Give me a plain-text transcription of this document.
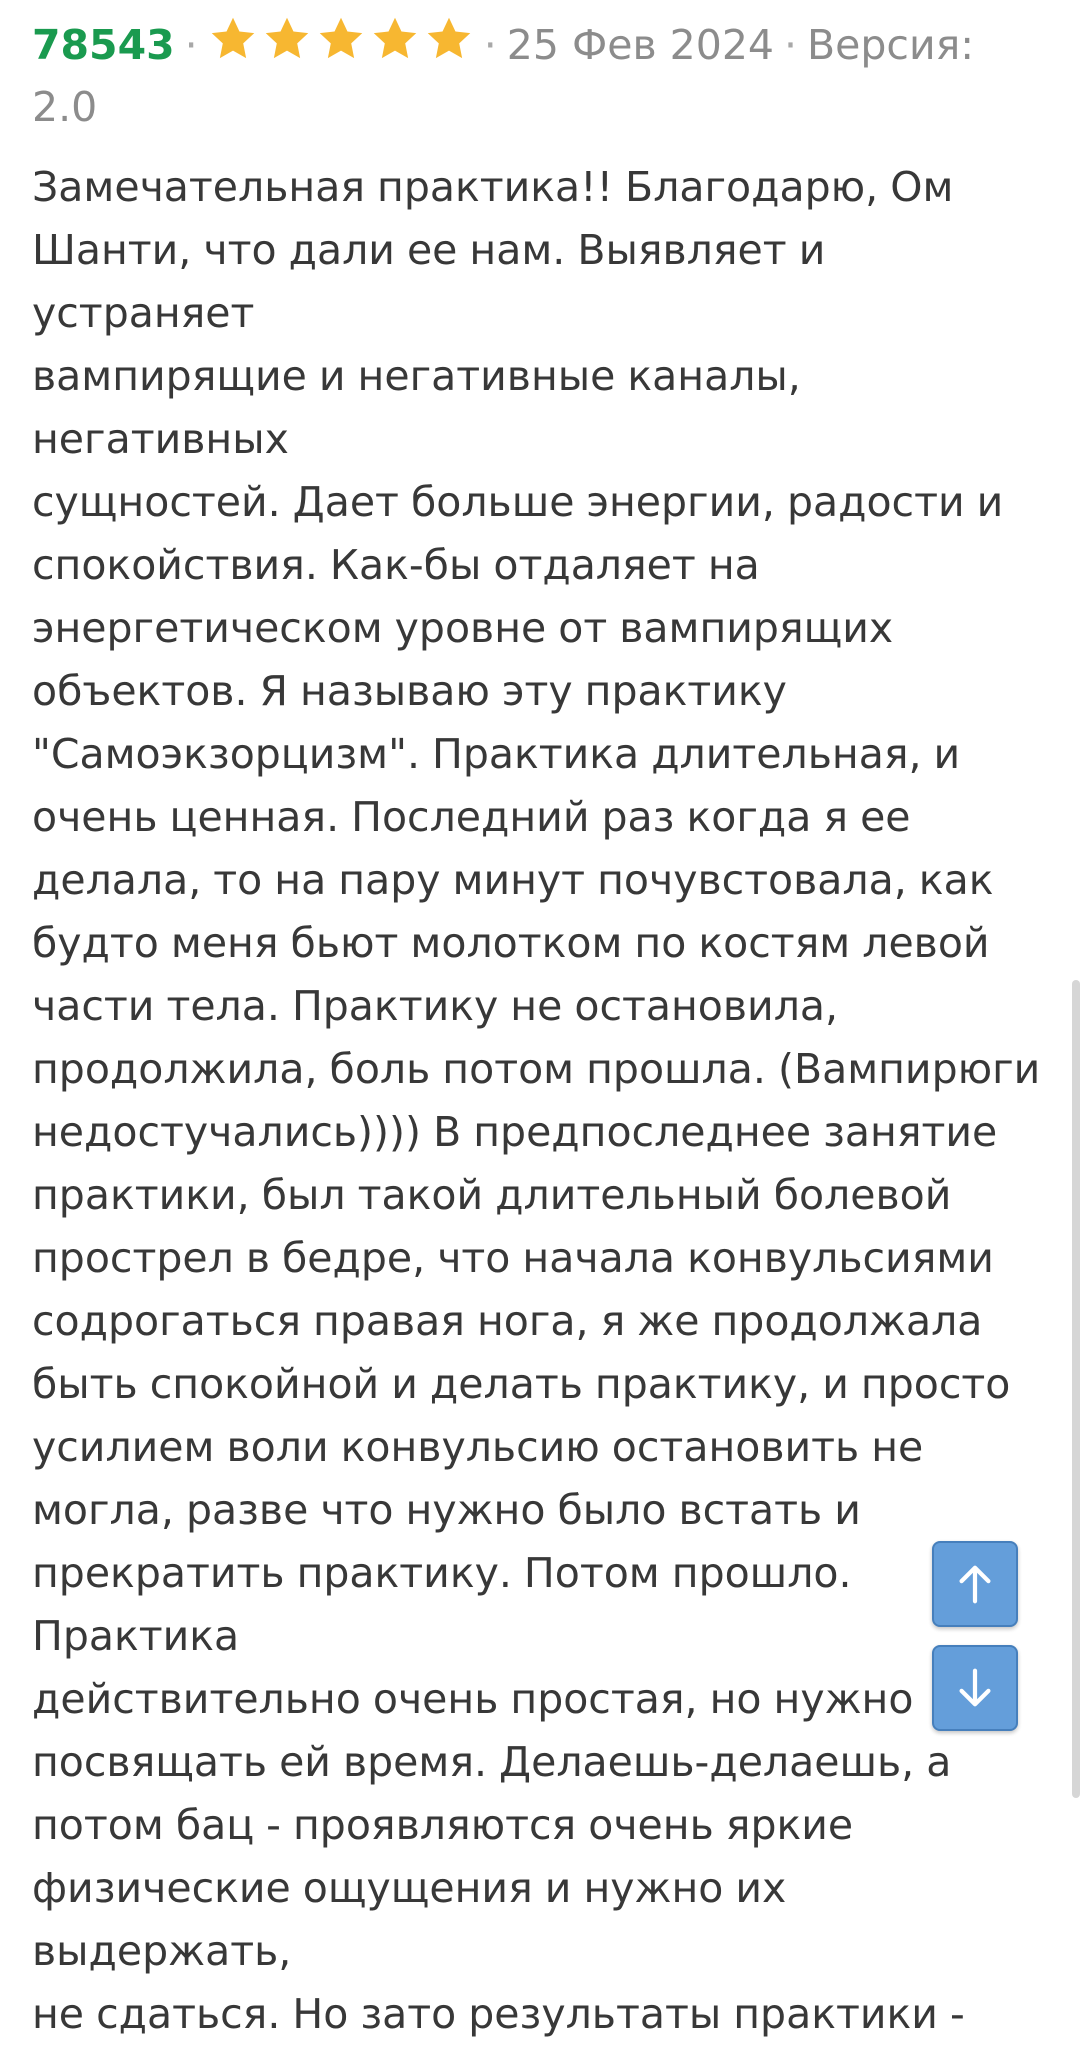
78543 ·	· 25 Фев 2024 · Версия: 2.0
Замечательная практика!! Благодарю, Ом
Шанти, что дали ее нам. Выявляет и устраняет
вампирящие и негативные каналы, негативных
сущностей. Дает больше энергии, радости и
спокойствия. Как-бы отдаляет на
энергетическом уровне от вампирящих
объектов. Я называю эту практику
"Самоэкзорцизм". Практика длительная, и
очень ценная. Последний раз когда я ее
делала, то на пару минут почувстовала, как
будто меня бьют молотком по костям левой
части тела. Практику не остановила,
продолжила, боль потом прошла. (Вампирюги
недостучались)))) В предпоследнее занятие
практики, был такой длительный болевой
прострел в бедре, что начала конвульсиями
содрогаться правая нога, я же продолжала
быть спокойной и делать практику, и просто
усилием воли конвульсию остановить не
могла, разве что нужно было встать и
прекратить практику. Потом прошло. Практика
действительно очень простая, но нужно
посвящать ей время. Делаешь-делаешь, а
потом бац - проявляются очень яркие
физические ощущения и нужно их выдержать,
не сдаться. Но зато результаты практики -
